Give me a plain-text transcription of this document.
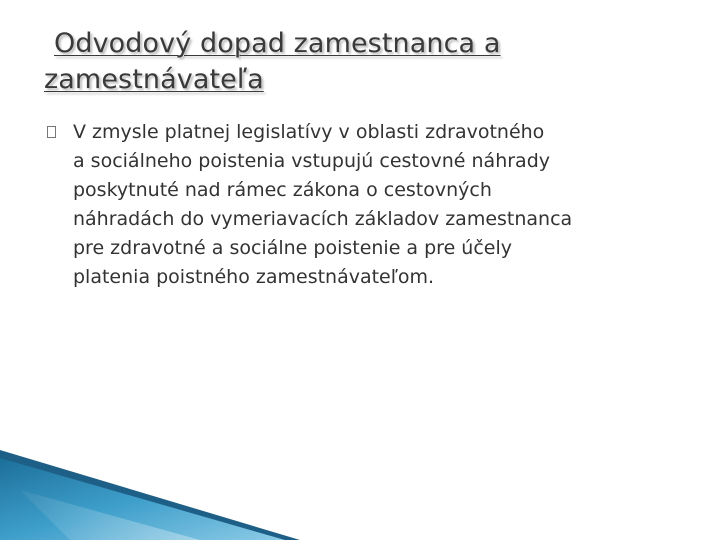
Odvodový dopad zamestnanca a
zamestnávateľa
V zmysle platnej legislatívy v oblasti zdravotného
a sociálneho poistenia vstupujú cestovné náhrady
poskytnuté nad rámec zákona o cestovných
náhradách do vymeriavacích základov zamestnanca
pre zdravotné a sociálne poistenie a pre účely
platenia poistného zamestnávateľom.
